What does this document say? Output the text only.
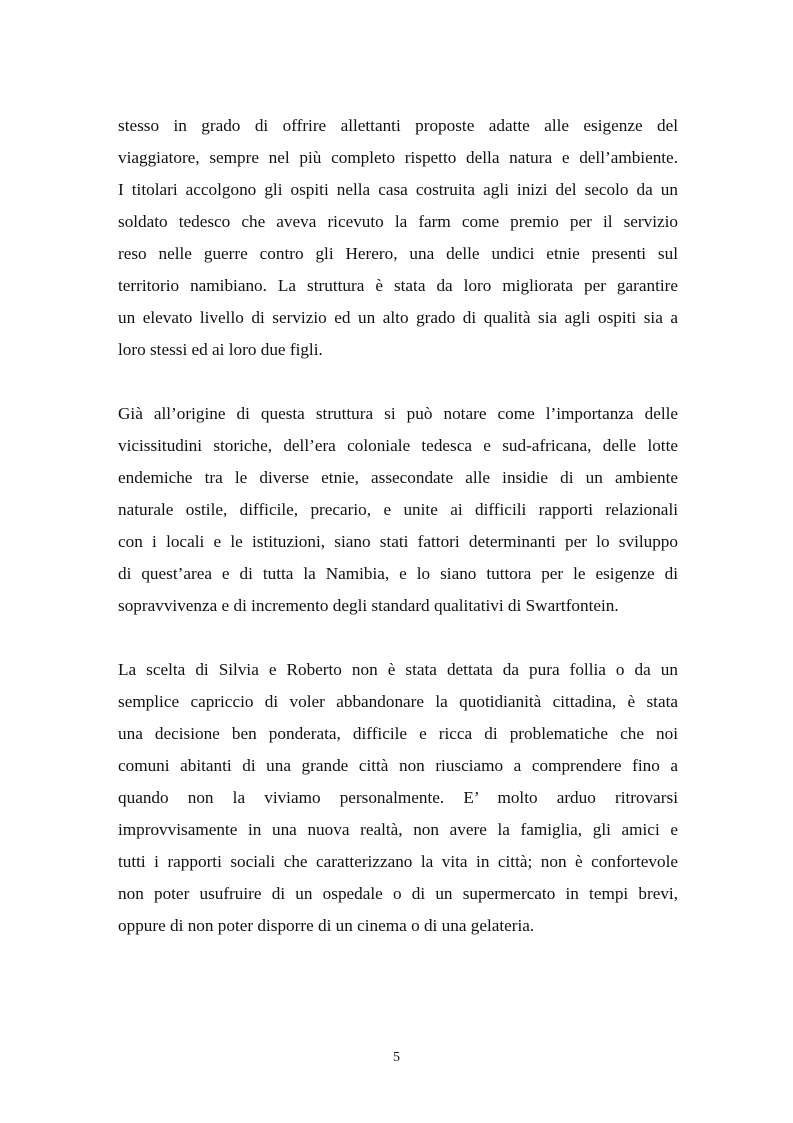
stesso in grado di offrire allettanti proposte adatte alle esigenze del
viaggiatore, sempre nel più completo rispetto della natura e dell’ambiente.
I titolari accolgono gli ospiti nella casa costruita agli inizi del secolo da un
soldato tedesco che aveva ricevuto la farm come premio per il servizio
reso nelle guerre contro gli Herero, una delle undici etnie presenti sul
territorio namibiano. La struttura è stata da loro migliorata per garantire
un elevato livello di servizio ed un alto grado di qualità sia agli ospiti sia a
loro stessi ed ai loro due figli.
Già all’origine di questa struttura si può notare come l’importanza delle
vicissitudini storiche, dell’era coloniale tedesca e sud-africana, delle lotte
endemiche tra le diverse etnie, assecondate alle insidie di un ambiente
naturale ostile, difficile, precario, e unite ai difficili rapporti relazionali
con i locali e le istituzioni, siano stati fattori determinanti per lo sviluppo
di quest’area e di tutta la Namibia, e lo siano tuttora per le esigenze di
sopravvivenza e di incremento degli standard qualitativi di Swartfontein.
La scelta di Silvia e Roberto non è stata dettata da pura follia o da un
semplice capriccio di voler abbandonare la quotidianità cittadina, è stata
una decisione ben ponderata, difficile e ricca di problematiche che noi
comuni abitanti di una grande città non riusciamo a comprendere fino a
quando non la viviamo personalmente. E’ molto arduo ritrovarsi
improvvisamente in una nuova realtà, non avere la famiglia, gli amici e
tutti i rapporti sociali che caratterizzano la vita in città; non è confortevole
non poter usufruire di un ospedale o di un supermercato in tempi brevi,
oppure di non poter disporre di un cinema o di una gelateria.
5
